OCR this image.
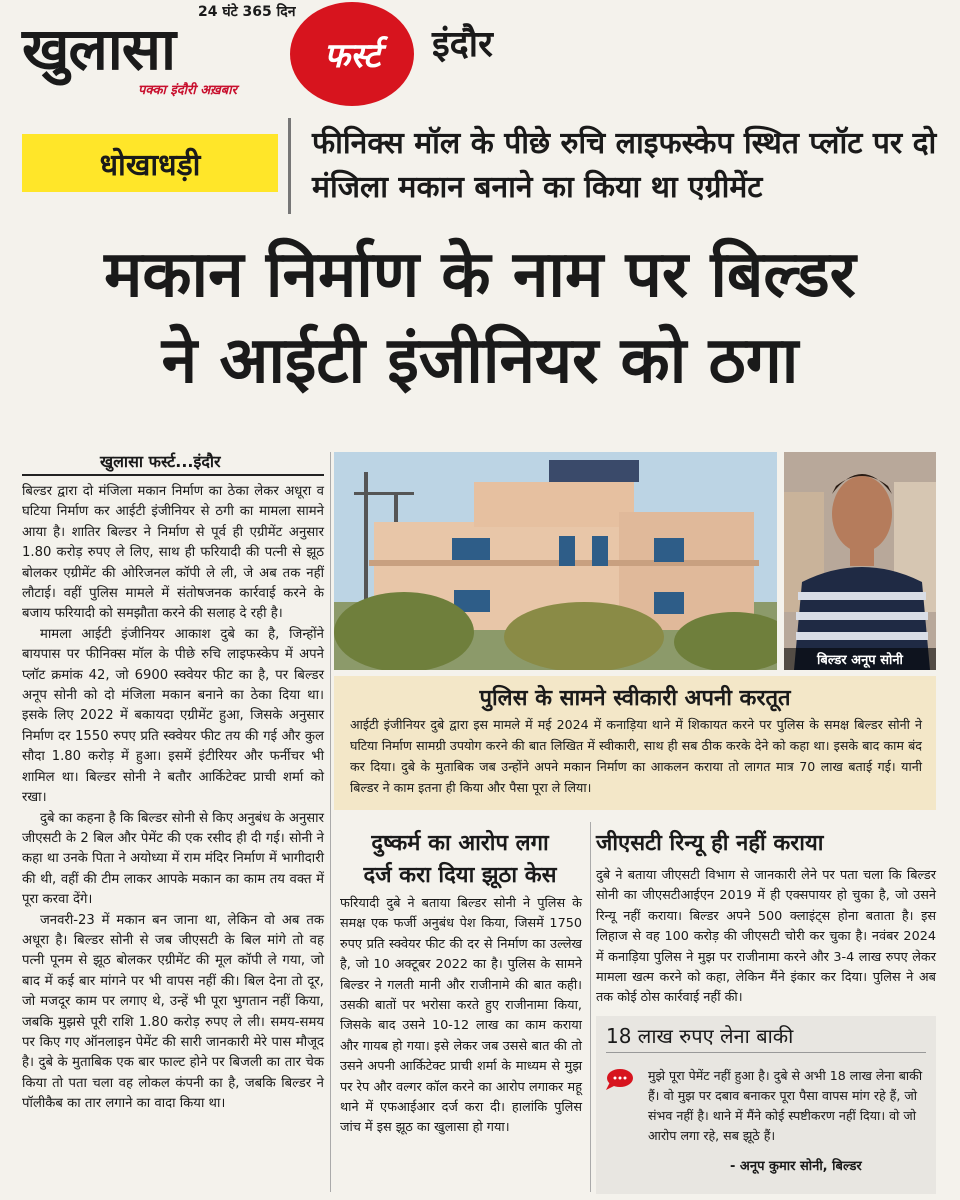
24 घंटे 365 दिन
खुलासा
पक्का इंदौरी अख़बार
फर्स्ट इंदौर
धोखाधड़ी
फीनिक्स मॉल के पीछे रुचि लाइफस्केप स्थित प्लॉट पर दो मंजिला मकान बनाने का किया था एग्रीमेंट
मकान निर्माण के नाम पर बिल्डर
ने आईटी इंजीनियर को ठगा
खुलासा फर्स्ट...इंदौर

बिल्डर द्वारा दो मंजिला मकान निर्माण का ठेका लेकर अधूरा व घटिया निर्माण कर आईटी इंजीनियर से ठगी का मामला सामने आया है। शातिर बिल्डर ने निर्माण से पूर्व ही एग्रीमेंट अनुसार 1.80 करोड़ रुपए ले लिए, साथ ही फरियादी की पत्नी से झूठ बोलकर एग्रीमेंट की ओरिजनल कॉपी ले ली, जे अब तक नहीं लौटाई। वहीं पुलिस मामले में संतोषजनक कार्रवाई करने के बजाय फरियादी को समझौता करने की सलाह दे रही है।

मामला आईटी इंजीनियर आकाश दुबे का है, जिन्होंने बायपास पर फीनिक्स मॉल के पीछे रुचि लाइफस्केप में अपने प्लॉट क्रमांक 42, जो 6900 स्क्वेयर फीट का है, पर बिल्डर अनूप सोनी को दो मंजिला मकान बनाने का ठेका दिया था। इसके लिए 2022 में बकायदा एग्रीमेंट हुआ, जिसके अनुसार निर्माण दर 1550 रुपए प्रति स्क्वेयर फीट तय की गई और कुल सौदा 1.80 करोड़ में हुआ। इसमें इंटीरियर और फर्नीचर भी शामिल था। बिल्डर सोनी ने बतौर आर्किटेक्ट प्राची शर्मा को रखा।

दुबे का कहना है कि बिल्डर सोनी से किए अनुबंध के अनुसार जीएसटी के 2 बिल और पेमेंट की एक रसीद ही दी गई। सोनी ने कहा था उनके पिता ने अयोध्या में राम मंदिर निर्माण में भागीदारी की थी, वहीं की टीम लाकर आपके मकान का काम तय वक्त में पूरा करवा देंगे।

जनवरी-23 में मकान बन जाना था, लेकिन वो अब तक अधूरा है। बिल्डर सोनी से जब जीएसटी के बिल मांगे तो वह पत्नी पूनम से झूठ बोलकर एग्रीमेंट की मूल कॉपी ले गया, जो बाद में कई बार मांगने पर भी वापस नहीं की। बिल देना तो दूर, जो मजदूर काम पर लगाए थे, उन्हें भी पूरा भुगतान नहीं किया, जबकि मुझसे पूरी राशि 1.80 करोड़ रुपए ले ली। समय-समय पर किए गए ऑनलाइन पेमेंट की सारी जानकारी मेरे पास मौजूद है। दुबे के मुताबिक एक बार फाल्ट होने पर बिजली का तार चेक किया तो पता चला वह लोकल कंपनी का है, जबकि बिल्डर ने पॉलीकैब का तार लगाने का वादा किया था।

बिल्डर अनूप सोनी
पुलिस के सामने स्वीकारी अपनी करतूत
आईटी इंजीनियर दुबे द्वारा इस मामले में मई 2024 में कनाड़िया थाने में शिकायत करने पर पुलिस के समक्ष बिल्डर सोनी ने घटिया निर्माण सामग्री उपयोग करने की बात लिखित में स्वीकारी, साथ ही सब ठीक करके देने को कहा था। इसके बाद काम बंद कर दिया। दुबे के मुताबिक जब उन्होंने अपने मकान निर्माण का आकलन कराया तो लागत मात्र 70 लाख बताई गई। यानी बिल्डर ने काम इतना ही किया और पैसा पूरा ले लिया।
दुष्कर्म का आरोप लगा
दर्ज करा दिया झूठा केस
फरियादी दुबे ने बताया बिल्डर सोनी ने पुलिस के समक्ष एक फर्जी अनुबंध पेश किया, जिसमें 1750 रुपए प्रति स्क्वेयर फीट की दर से निर्माण का उल्लेख है, जो 10 अक्टूबर 2022 का है। पुलिस के सामने बिल्डर ने गलती मानी और राजीनामे की बात कही। उसकी बातों पर भरोसा करते हुए राजीनामा किया, जिसके बाद उसने 10-12 लाख का काम कराया और गायब हो गया। इसे लेकर जब उससे बात की तो उसने अपनी आर्किटेक्ट प्राची शर्मा के माध्यम से मुझ पर रेप और वल्गर कॉल करने का आरोप लगाकर महू थाने में एफआईआर दर्ज करा दी। हालांकि पुलिस जांच में इस झूठ का खुलासा हो गया।
जीएसटी रिन्यू ही नहीं कराया
दुबे ने बताया जीएसटी विभाग से जानकारी लेने पर पता चला कि बिल्डर सोनी का जीएसटीआईएन 2019 में ही एक्सपायर हो चुका है, जो उसने रिन्यू नहीं कराया। बिल्डर अपने 500 क्लाइंट्स होना बताता है। इस लिहाज से वह 100 करोड़ की जीएसटी चोरी कर चुका है। नवंबर 2024 में कनाड़िया पुलिस ने मुझ पर राजीनामा करने और 3-4 लाख रुपए लेकर मामला खत्म करने को कहा, लेकिन मैंने इंकार कर दिया। पुलिस ने अब तक कोई ठोस कार्रवाई नहीं की।
18 लाख रुपए लेना बाकी
मुझे पूरा पेमेंट नहीं हुआ है। दुबे से अभी 18 लाख लेना बाकी हैं। वो मुझ पर दबाव बनाकर पूरा पैसा वापस मांग रहे हैं, जो संभव नहीं है। थाने में मैंने कोई स्पष्टीकरण नहीं दिया। वो जो आरोप लगा रहे, सब झूठे हैं।
- अनूप कुमार सोनी, बिल्डर
